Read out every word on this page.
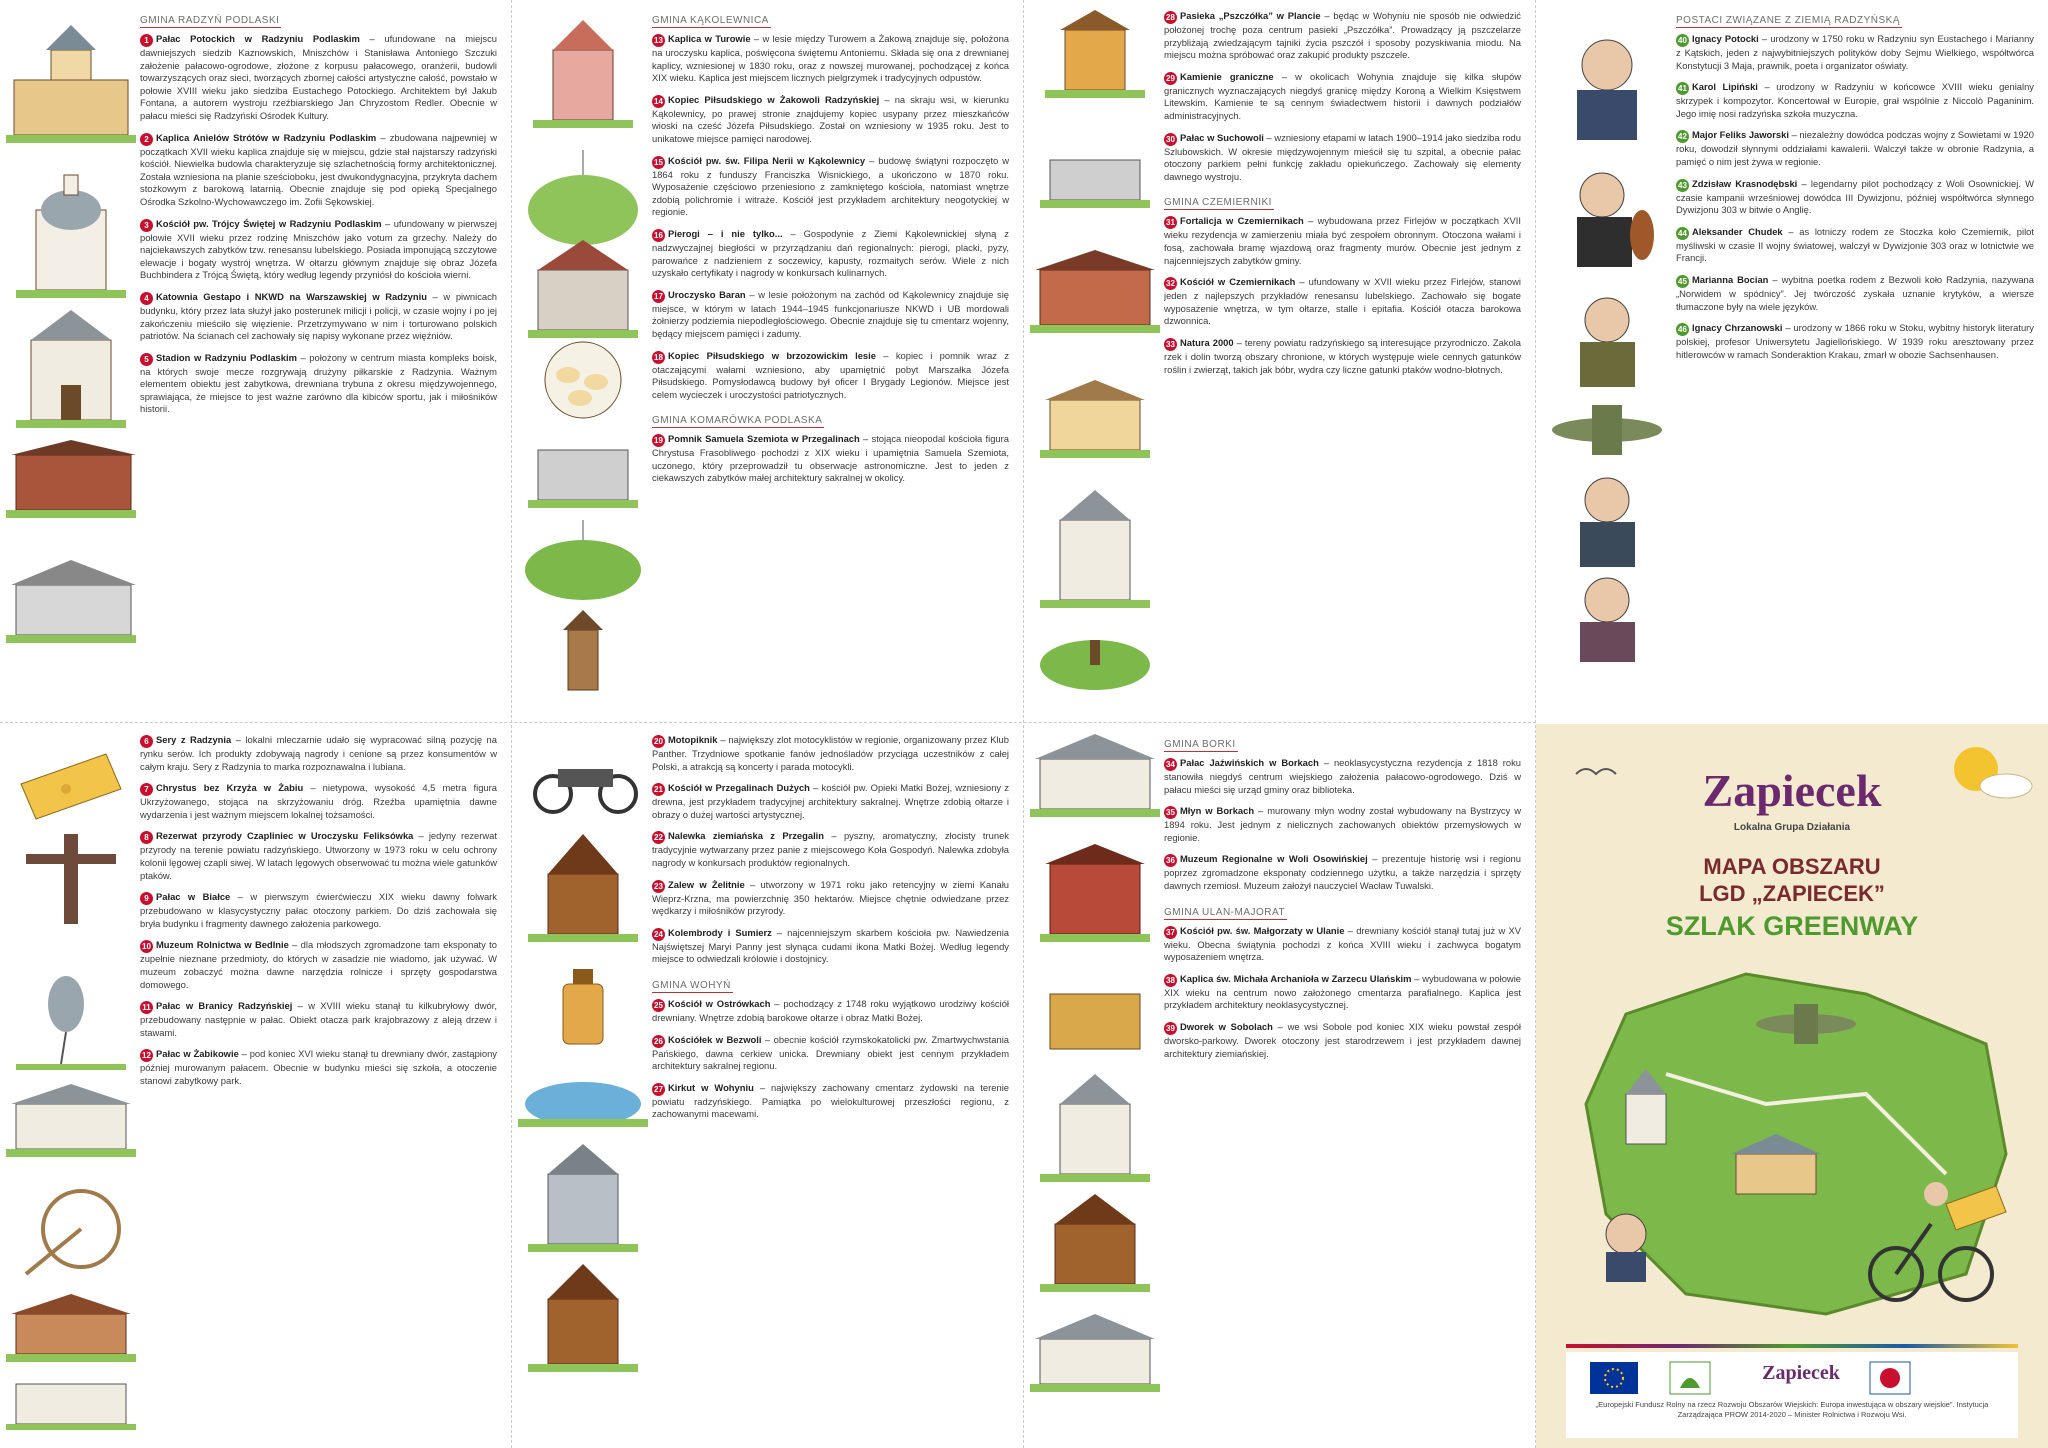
GMINA RADZYŃ PODLASKI
1 Pałac Potockich w Radzyniu Podlaskim –	ufundowane na miejscu dawniejszych siedzib Kaznowskich, Mniszchów i Stanisława Antoniego Szczuki założenie pałacowo-ogrodowe, złożone z korpusu pałacowego, oranżerii, budowli towarzyszących oraz sieci, tworzących zbornej całości artystyczne całość, powstało w połowie XVIII wieku jako siedziba Eustachego Potockiego. Architektem był Jakub Fontana, a autorem wystroju rzeźbiarskiego Jan Chryzostom Redler. Obecnie w pałacu mieści się Radzyński Ośrodek Kultury.
2 Kaplica Anielów Strótów w Radzyniu Podlaskim – zbudowana najpewniej w początkach XVII wieku kaplica znajduje się w miejscu, gdzie stał najstarszy radzyński kościół. Niewielka budowla charakteryzuje się szlachetnością formy architektonicznej. Została wzniesiona na planie sześcioboku, jest dwukondygnacyjna, przykryta dachem stożkowym z barokową latarnią. Obecnie znajduje się pod opieką Specjalnego Ośrodka Szkolno-Wychowawczego im. Zofii Sękowskiej.
3 Kościół pw. Trójcy Świętej w Radzyniu Podlaskim – ufundowany w pierwszej połowie XVII wieku przez rodzinę Mniszchów jako votum za grzechy. Należy do najciekawszych zabytków tzw. renesansu lubelskiego. Posiada imponującą szczytowe elewacje i bogaty wystrój wnętrza. W ołtarzu głównym znajduje się obraz Józefa Buchbindera z Trójcą Świętą, który według legendy przyniósł do kościoła wierni.
4 Katownia Gestapo i NKWD na Warszawskiej w Radzyniu – w piwnicach budynku, który przez lata służył jako posterunek milicji i policji, w czasie wojny i po jej zakończeniu mieściło się więzienie. Przetrzymywano w nim i torturowano polskich patriotów. Na ścianach cel zachowały się napisy wykonane przez więźniów.
5 Stadion w Radzyniu Podlaskim – położony w centrum miasta kompleks boisk, na których swoje mecze rozgrywają drużyny piłkarskie z Radzynia. Ważnym elementem obiektu jest zabytkowa, drewniana trybuna z okresu międzywojennego, sprawiająca, że miejsce to jest ważne zarówno dla kibiców sportu, jak i miłośników historii.
GMINA KĄKOLEWNICA
13 Kaplica w Turowie – w lesie między Turowem a Żakową znajduje się, położona na uroczysku kaplica, poświęcona świętemu Antoniemu. Składa się ona z drewnianej kaplicy, wzniesionej w 1830 roku, oraz z nowszej murowanej, pochodzącej z końca XIX wieku. Kaplica jest miejscem licznych pielgrzymek i tradycyjnych odpustów.
14 Kopiec Piłsudskiego w Żakowoli Radzyńskiej – na skraju wsi, w kierunku Kąkolewnicy, po prawej stronie znajdujemy kopiec usypany przez mieszkańców wioski na cześć Józefa Piłsudskiego. Został on wzniesiony w 1935 roku. Jest to unikatowe miejsce pamięci narodowej.
15 Kościół pw. św. Filipa Nerii w Kąkolewnicy – budowę świątyni rozpoczęto w 1864 roku z funduszy Franciszka Wisnickiego, a ukończono w 1870 roku. Wyposażenie częściowo przeniesiono z zamkniętego kościoła, natomiast wnętrze zdobią polichromie i witraże. Kościół jest przykładem architektury neogotyckiej w regionie.
16 Pierogi – i nie tylko... – Gospodynie z Ziemi Kąkolewnickiej słyną z nadzwyczajnej biegłości w przyrządzaniu dań regionalnych: pierogi, placki, pyzy, parowańce z nadzieniem z soczewicy, kapusty, rozmaitych serów. Wiele z nich uzyskało certyfikaty i nagrody w konkursach kulinarnych.
17 Uroczysko Baran – w lesie położonym na zachód od Kąkolewnicy znajduje się miejsce, w którym w latach 1944–1945 funkcjonariusze NKWD i UB mordowali żołnierzy podziemia niepodległościowego. Obecnie znajduje się tu cmentarz wojenny, będący miejscem pamięci i zadumy.
18 Kopiec Piłsudskiego w brzozowickim lesie – kopiec i pomnik wraz z otaczającymi wałami wzniesiono, aby upamiętnić pobyt Marszałka Józefa Piłsudskiego. Pomysłodawcą budowy był oficer I Brygady Legionów. Miejsce jest celem wycieczek i uroczystości patriotycznych.
GMINA KOMARÓWKA PODLASKA
19 Pomnik Samuela Szemiota w Przegalinach – stojąca nieopodal kościoła figura Chrystusa Frasobliwego pochodzi z XIX wieku i upamiętnia Samuela Szemiota, uczonego, który przeprowadził tu obserwacje astronomiczne. Jest to jeden z ciekawszych zabytków małej architektury sakralnej w okolicy.
28 Pasieka „Pszczółka” w Plancie – będąc w Wohyniu nie sposób nie odwiedzić położonej trochę poza centrum pasieki „Pszczółka”. Prowadzący ją pszczelarze przybliżają zwiedzającym tajniki życia pszczół i sposoby pozyskiwania miodu. Na miejscu można spróbować oraz zakupić produkty pszczele.
29 Kamienie graniczne – w okolicach Wohynia znajduje się kilka słupów granicznych wyznaczających niegdyś granicę między Koroną a Wielkim Księstwem Litewskim. Kamienie te są cennym świadectwem historii i dawnych podziałów administracyjnych.
30 Pałac w Suchowoli – wzniesiony etapami w latach 1900–1914 jako siedziba rodu Szlubowskich. W okresie międzywojennym mieścił się tu szpital, a obecnie pałac otoczony parkiem pełni funkcję zakładu opiekuńczego. Zachowały się elementy dawnego wystroju.
GMINA CZEMIERNIKI
31 Fortalicja w Czemiernikach – wybudowana przez Firlejów w początkach XVII wieku rezydencja w zamierzeniu miała być zespołem obronnym. Otoczona wałami i fosą, zachowała bramę wjazdową oraz fragmenty murów. Obecnie jest jednym z najcenniejszych zabytków gminy.
32 Kościół w Czemiernikach – ufundowany w XVII wieku przez Firlejów, stanowi jeden z najlepszych przykładów renesansu lubelskiego. Zachowało się bogate wyposażenie wnętrza, w tym ołtarze, stalle i epitafia. Kościół otacza barokowa dzwonnica.
33 Natura 2000 – tereny powiatu radzyńskiego są interesujące przyrodniczo. Zakola rzek i dolin tworzą obszary chronione, w których występuje wiele cennych gatunków roślin i zwierząt, takich jak bóbr, wydra czy liczne gatunki ptaków wodno-błotnych.
POSTACI ZWIĄZANE Z ZIEMIĄ RADZYŃSKĄ
40 Ignacy Potocki – urodzony w 1750 roku w Radzyniu syn Eustachego i Marianny z Kątskich, jeden z najwybitniejszych polityków doby Sejmu Wielkiego, współtwórca Konstytucji 3 Maja, prawnik, poeta i organizator oświaty.
41 Karol Lipiński – urodzony w Radzyniu w końcowce XVIII wieku genialny skrzypek i kompozytor. Koncertował w Europie, grał wspólnie z Niccolò Paganinim. Jego imię nosi radzyńska szkoła muzyczna.
42 Major Feliks Jaworski – niezależny dowódca podczas wojny z Sowietami w 1920 roku, dowodził słynnymi oddziałami kawalerii. Walczył także w obronie Radzynia, a pamięć o nim jest żywa w regionie.
43 Zdzisław Krasnodębski – legendarny pilot pochodzący z Woli Osownickiej. W czasie kampanii wrześniowej dowódca III Dywizjonu, później współtwórca słynnego Dywizjonu 303 w bitwie o Anglię.
44 Aleksander Chudek – as lotniczy rodem ze Stoczka koło Czemiernik, pilot myśliwski w czasie II wojny światowej, walczył w Dywizjonie 303 oraz w lotnictwie we Francji.
45 Marianna Bocian – wybitna poetka rodem z Bezwoli koło Radzynia, nazywana „Norwidem w spódnicy”. Jej twórczość zyskała uznanie krytyków, a wiersze tłumaczone były na wiele języków.
46 Ignacy Chrzanowski – urodzony w 1866 roku w Stoku, wybitny historyk literatury polskiej, profesor Uniwersytetu Jagiellońskiego. W 1939 roku aresztowany przez hitlerowców w ramach Sonderaktion Krakau, zmarł w obozie Sachsenhausen.
6 Sery z Radzynia – lokalni mleczarnie udało się wypracować silną pozycję na rynku serów. Ich produkty zdobywają nagrody i cenione są przez konsumentów w całym kraju. Sery z Radzynia to marka rozpoznawalna i lubiana.
7 Chrystus bez Krzyża w Żabiu – nietypowa, wysokość 4,5 metra figura Ukrzyżowanego, stojąca na skrzyżowaniu dróg. Rzeźba upamiętnia dawne wydarzenia i jest ważnym miejscem lokalnej tożsamości.
8 Rezerwat przyrody Czapliniec w Uroczysku Feliksówka – jedyny rezerwat przyrody na terenie powiatu radzyńskiego. Utworzony w 1973 roku w celu ochrony kolonii lęgowej czapli siwej. W latach lęgowych obserwować tu można wiele gatunków ptaków.
9 Pałac w Białce – w pierwszym ćwierćwieczu XIX wieku dawny folwark przebudowano w klasycystyczny pałac otoczony parkiem. Do dziś zachowała się bryła budynku i fragmenty dawnego założenia parkowego.
10 Muzeum Rolnictwa w Bedlnie – dla młodszych zgromadzone tam eksponaty to zupełnie nieznane przedmioty, do których w zasadzie nie wiadomo, jak używać. W muzeum zobaczyć można dawne narzędzia rolnicze i sprzęty gospodarstwa domowego.
11 Pałac w Branicy Radzyńskiej – w XVIII wieku stanął tu kilkubryłowy dwór, przebudowany następnie w pałac. Obiekt otacza park krajobrazowy z aleją drzew i stawami.
12 Pałac w Żabikowie – pod koniec XVI wieku stanął tu drewniany dwór, zastąpiony później murowanym pałacem. Obecnie w budynku mieści się szkoła, a otoczenie stanowi zabytkowy park.
20 Motopiknik – największy zlot motocyklistów w regionie, organizowany przez Klub Panther. Trzydniowe spotkanie fanów jednośladów przyciąga uczestników z całej Polski, a atrakcją są koncerty i parada motocykli.
21 Kościół w Przegalinach Dużych – kościół pw. Opieki Matki Bożej, wzniesiony z drewna, jest przykładem tradycyjnej architektury sakralnej. Wnętrze zdobią ołtarze i obrazy o dużej wartości artystycznej.
22 Nalewka ziemiańska z Przegalin – pyszny, aromatyczny, złocisty trunek tradycyjnie wytwarzany przez panie z miejscowego Koła Gospodyń. Nalewka zdobyła nagrody w konkursach produktów regionalnych.
23 Zalew w Żelitnie – utworzony w 1971 roku jako retencyjny w ziemi Kanału Wieprz-Krzna, ma powierzchnię 350 hektarów. Miejsce chętnie odwiedzane przez wędkarzy i miłośników przyrody.
24 Kolembrody i Sumierz – najcenniejszym skarbem kościoła pw. Nawiedzenia Najświętszej Maryi Panny jest słynąca cudami ikona Matki Bożej. Według legendy miejsce to odwiedzali królowie i dostojnicy.
GMINA WOHYŃ
25 Kościół w Ostrówkach – pochodzący z 1748 roku wyjątkowo urodziwy kościół drewniany. Wnętrze zdobią barokowe ołtarze i obraz Matki Bożej.
26 Kościółek w Bezwoli – obecnie kościół rzymskokatolicki pw. Zmartwychwstania Pańskiego, dawna cerkiew unicka. Drewniany obiekt jest cennym przykładem architektury sakralnej regionu.
27 Kirkut w Wohyniu – największy zachowany cmentarz żydowski na terenie powiatu radzyńskiego. Pamiątka po wielokulturowej przeszłości regionu, z zachowanymi macewami.
GMINA BORKI
34 Pałac Jaźwińskich w Borkach – neoklasycystyczna rezydencja z 1818 roku stanowiła niegdyś centrum wiejskiego założenia pałacowo-ogrodowego. Dziś w pałacu mieści się urząd gminy oraz biblioteka.
35 Młyn w Borkach – murowany młyn wodny został wybudowany na Bystrzycy w 1894 roku. Jest jednym z nielicznych zachowanych obiektów przemysłowych w regionie.
36 Muzeum Regionalne w Woli Osowińskiej – prezentuje historię wsi i regionu poprzez zgromadzone eksponaty codziennego użytku, a także narzędzia i sprzęty dawnych rzemiosł. Muzeum założył nauczyciel Wacław Tuwalski.
GMINA ULAN-MAJORAT
37 Kościół pw. św. Małgorzaty w Ulanie – drewniany kościół stanął tutaj już w XV wieku. Obecna świątynia pochodzi z końca XVIII wieku i zachwyca bogatym wyposażeniem wnętrza.
38 Kaplica św. Michała Archanioła w Zarzecu Ulańskim – wybudowana w połowie XIX wieku na centrum nowo założonego cmentarza parafialnego. Kaplica jest przykładem architektury neoklasycystycznej.
39 Dworek w Sobolach – we wsi Sobole pod koniec XIX wieku powstał zespół dworsko-parkowy. Dworek otoczony jest starodrzewem i jest przykładem dawnej architektury ziemiańskiej.
Zapiecek
Lokalna Grupa Działania
MAPA OBSZARU
LGD „ZAPIECEK”
SZLAK GREENWAY
Zapiecek
„Europejski Fundusz Rolny na rzecz Rozwoju Obszarów Wiejskich: Europa inwestująca w obszary wiejskie”. Instytucja Zarządzająca PROW 2014-2020 – Minister Rolnictwa i Rozwoju Wsi.
